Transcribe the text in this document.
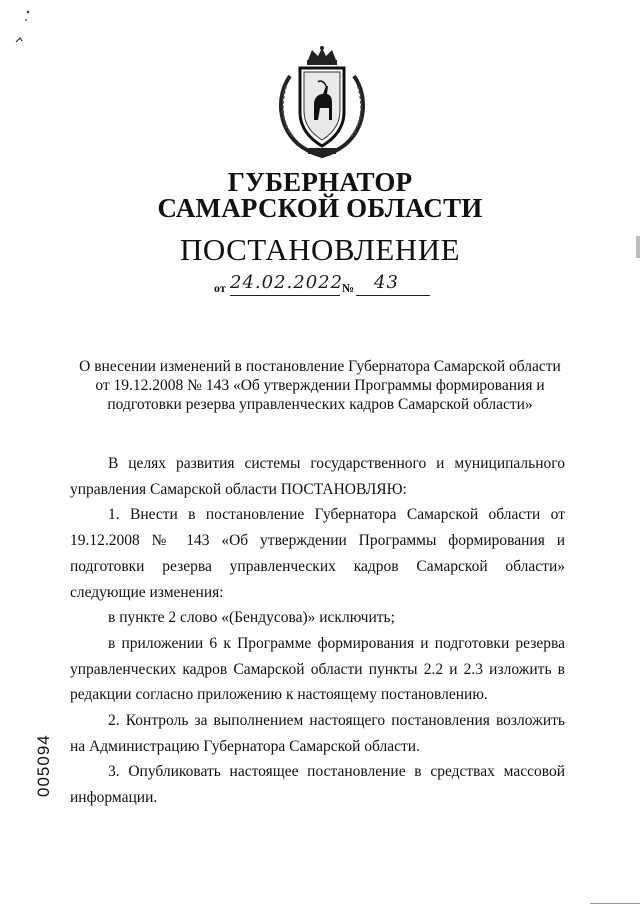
ГУБЕРНАТОР
САМАРСКОЙ ОБЛАСТИ
ПОСТАНОВЛЕНИЕ
от 24.02.2022
№ 43
О внесении изменений в постановление Губернатора Самарской области
от 19.12.2008 № 143 «Об утверждении Программы формирования и
подготовки резерва управленческих кадров Самарской области»

В целях развития системы государственного и муниципального управления Самарской области ПОСТАНОВЛЯЮ:

1. Внести в постановление Губернатора Самарской области от 19.12.2008 № 143 «Об утверждении Программы формирования и подготовки резерва управленческих кадров Самарской области» следующие изменения:

в пункте 2 слово «(Бендусова)» исключить;

в приложении 6 к Программе формирования и подготовки резерва управленческих кадров Самарской области пункты 2.2 и 2.3 изложить в редакции согласно приложению к настоящему постановлению.

2. Контроль за выполнением настоящего постановления возложить на Администрацию Губернатора Самарской области.

3. Опубликовать настоящее постановление в средствах массовой информации.

005094
